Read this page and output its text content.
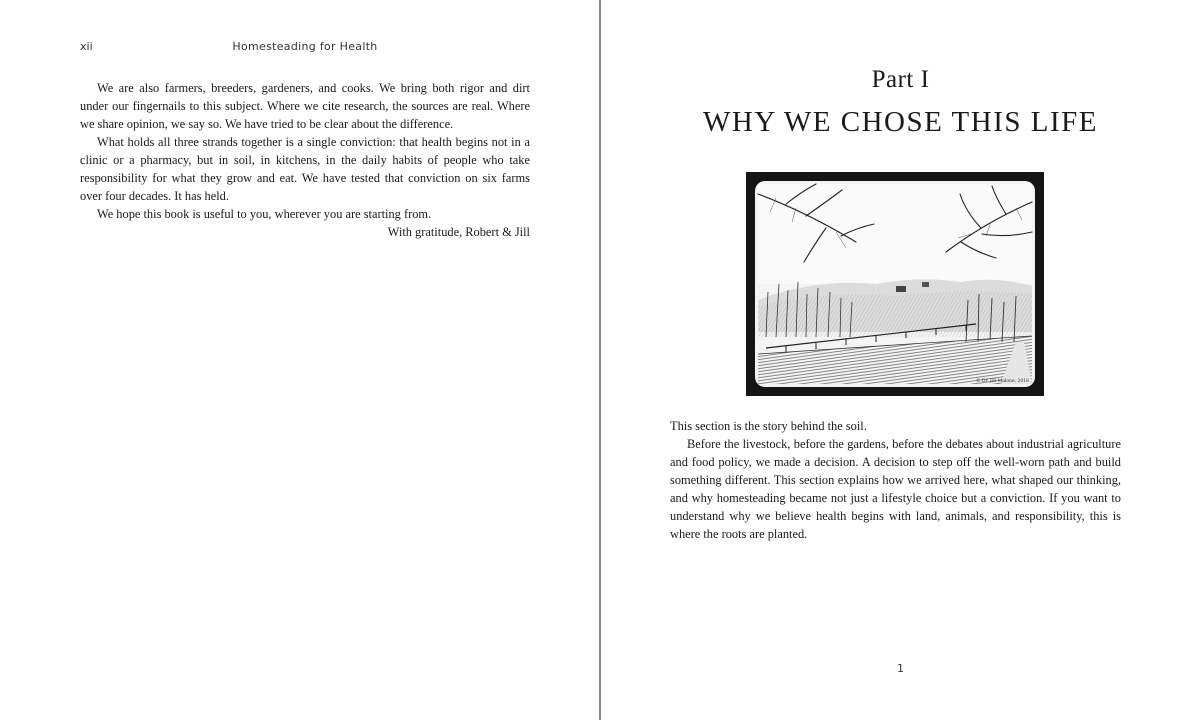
xii	Homesteading for Health

We are also farmers, breeders, gardeners, and cooks. We bring both rigor and dirt under our fingernails to this subject. Where we cite research, the sources are real. Where we share opinion, we say so. We have tried to be clear about the difference.

What holds all three strands together is a single conviction: that health begins not in a clinic or a pharmacy, but in soil, in kitchens, in the daily habits of people who take responsibility for what they grow and eat. We have tested that conviction on six farms over four decades. It has held.

We hope this book is useful to you, wherever you are starting from.

With gratitude, Robert & Jill

Part I
WHY WE CHOSE THIS LIFE
© Dr. Jill Malone, 2018

This section is the story behind the soil.

Before the livestock, before the gardens, before the debates about industrial agriculture and food policy, we made a decision. A decision to step off the well-worn path and build something different. This section explains how we arrived here, what shaped our thinking, and why homesteading became not just a lifestyle choice but a conviction. If you want to understand why we believe health begins with land, animals, and responsibility, this is where the roots are planted.

1
